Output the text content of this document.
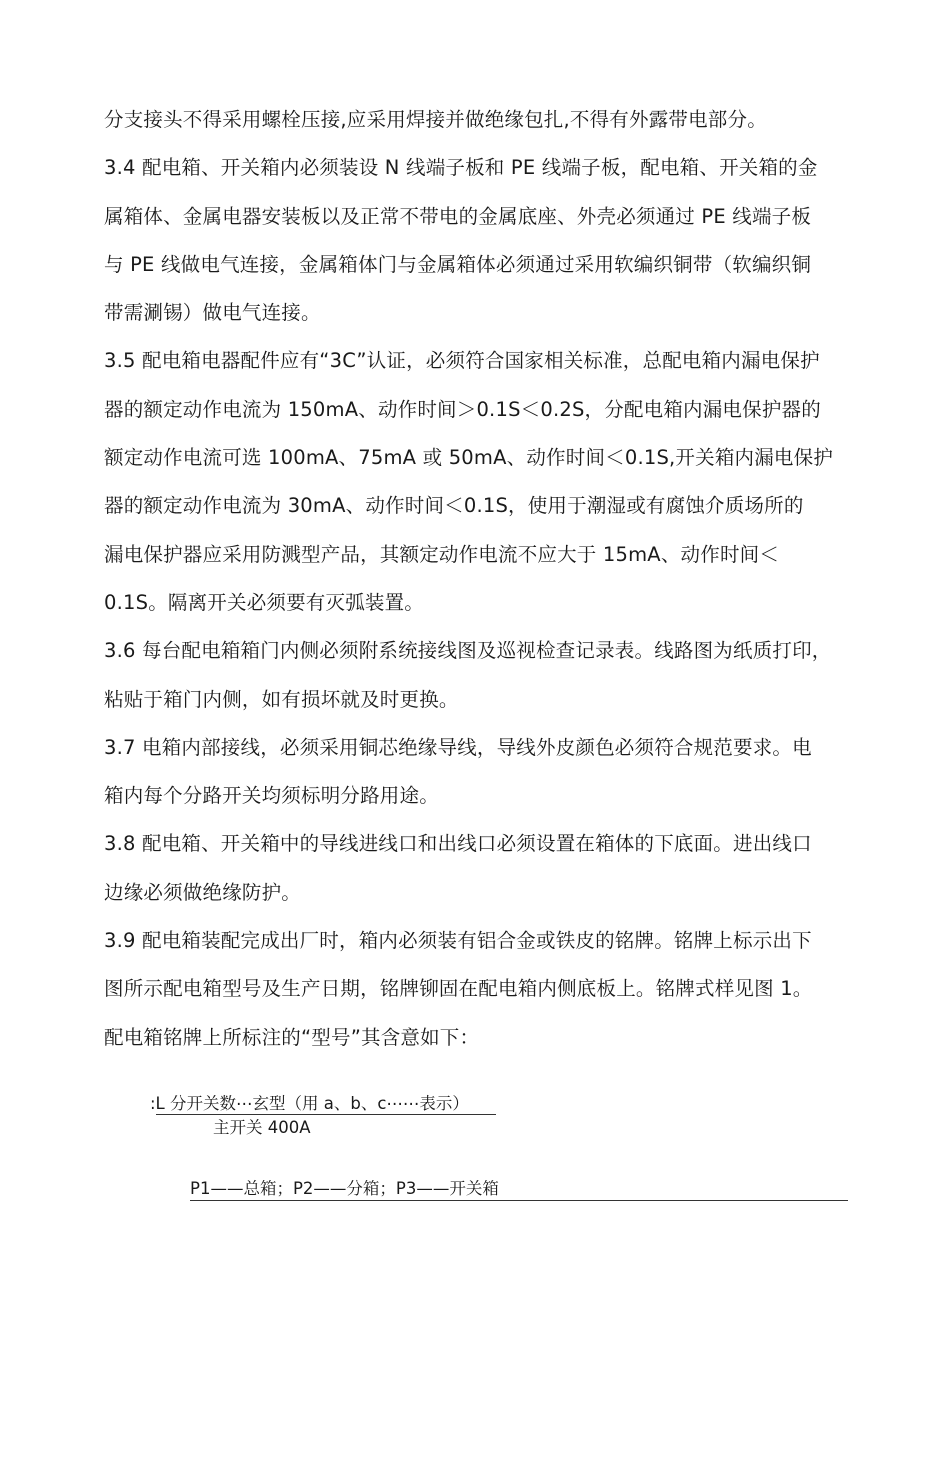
分支接头不得采用螺栓压接,应采用焊接并做绝缘包扎,不得有外露带电部分。
3.4 配电箱、开关箱内必须装设 N 线端子板和 PE 线端子板，配电箱、开关箱的金
属箱体、金属电器安装板以及正常不带电的金属底座、外壳必须通过 PE 线端子板
与 PE 线做电气连接，金属箱体门与金属箱体必须通过采用软编织铜带（软编织铜
带需涮锡）做电气连接。
3.5 配电箱电器配件应有“3C”认证，必须符合国家相关标准，总配电箱内漏电保护
器的额定动作电流为 150mA、动作时间＞0.1S＜0.2S，分配电箱内漏电保护器的
额定动作电流可选 100mA、75mA 或 50mA、动作时间＜0.1S,开关箱内漏电保护
器的额定动作电流为 30mA、动作时间＜0.1S，使用于潮湿或有腐蚀介质场所的
漏电保护器应采用防溅型产品，其额定动作电流不应大于 15mA、动作时间＜
0.1S。隔离开关必须要有灭弧装置。
3.6 每台配电箱箱门内侧必须附系统接线图及巡视检查记录表。线路图为纸质打印，
粘贴于箱门内侧，如有损坏就及时更换。
3.7 电箱内部接线，必须采用铜芯绝缘导线，导线外皮颜色必须符合规范要求。电
箱内每个分路开关均须标明分路用途。
3.8 配电箱、开关箱中的导线进线口和出线口必须设置在箱体的下底面。进出线口
边缘必须做绝缘防护。
3.9 配电箱装配完成出厂时，箱内必须装有铝合金或铁皮的铭牌。铭牌上标示出下
图所示配电箱型号及生产日期，铭牌铆固在配电箱内侧底板上。铭牌式样见图 1。
配电箱铭牌上所标注的“型号”其含意如下：
:L 分开关数⋯玄型（用 a、b、c⋯⋯表示）
主开关 400A
P1——总箱；P2——分箱；P3——开关箱
